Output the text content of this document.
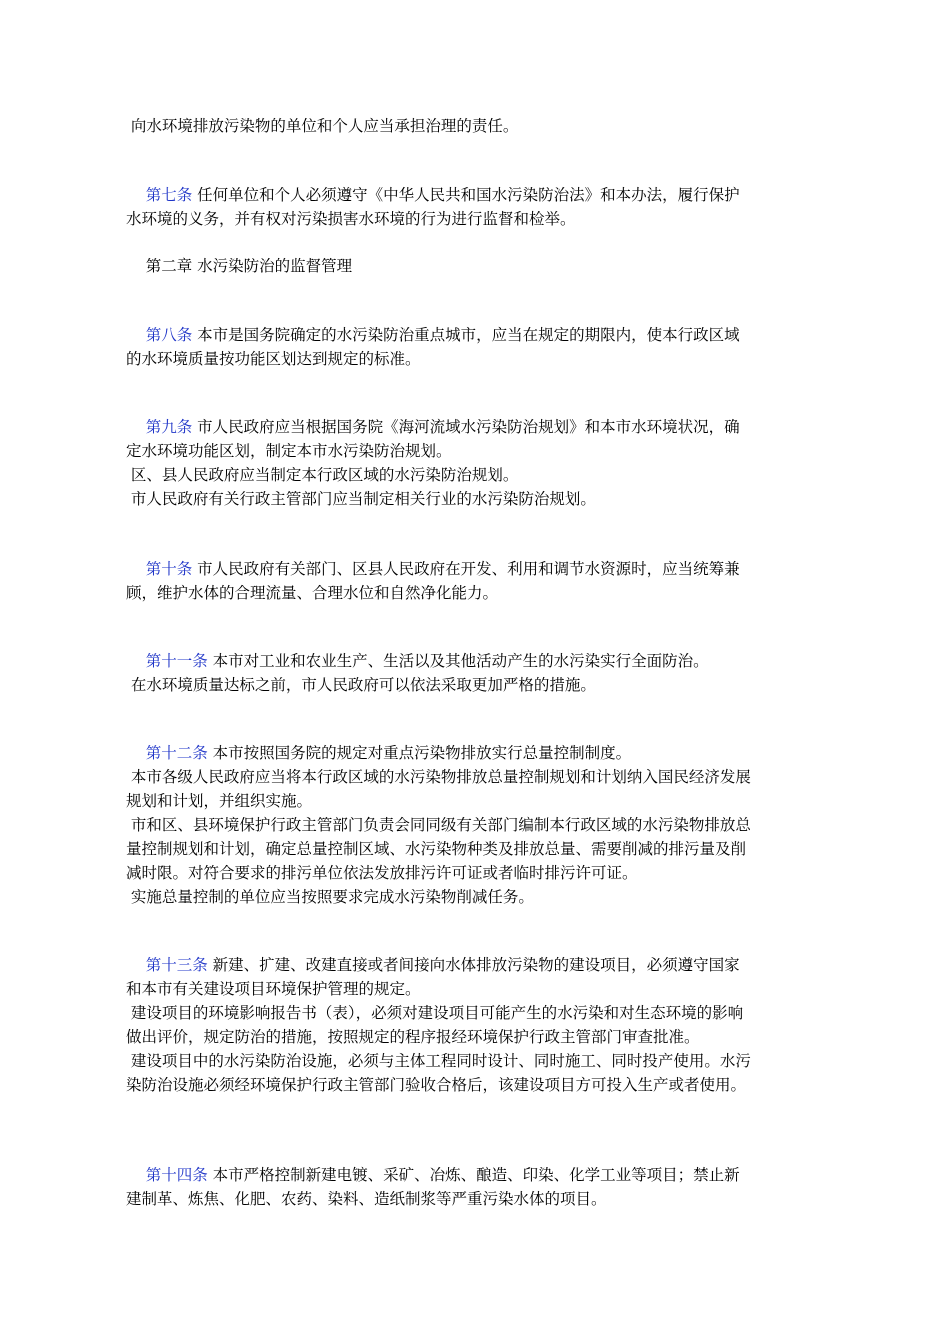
向水环境排放污染物的单位和个人应当承担治理的责任。

第七条 任何单位和个人必须遵守《中华人民共和国水污染防治法》和本办法，履行保护
水环境的义务，并有权对污染损害水环境的行为进行监督和检举。

第二章 水污染防治的监督管理

第八条 本市是国务院确定的水污染防治重点城市，应当在规定的期限内，使本行政区域
的水环境质量按功能区划达到规定的标准。

第九条 市人民政府应当根据国务院《海河流域水污染防治规划》和本市水环境状况，确
定水环境功能区划，制定本市水污染防治规划。
区、县人民政府应当制定本行政区域的水污染防治规划。
市人民政府有关行政主管部门应当制定相关行业的水污染防治规划。

第十条 市人民政府有关部门、区县人民政府在开发、利用和调节水资源时，应当统筹兼
顾，维护水体的合理流量、合理水位和自然净化能力。

第十一条 本市对工业和农业生产、生活以及其他活动产生的水污染实行全面防治。
在水环境质量达标之前，市人民政府可以依法采取更加严格的措施。

第十二条 本市按照国务院的规定对重点污染物排放实行总量控制制度。
本市各级人民政府应当将本行政区域的水污染物排放总量控制规划和计划纳入国民经济发展
规划和计划，并组织实施。
市和区、县环境保护行政主管部门负责会同同级有关部门编制本行政区域的水污染物排放总
量控制规划和计划，确定总量控制区域、水污染物种类及排放总量、需要削减的排污量及削
减时限。对符合要求的排污单位依法发放排污许可证或者临时排污许可证。
实施总量控制的单位应当按照要求完成水污染物削减任务。

第十三条 新建、扩建、改建直接或者间接向水体排放污染物的建设项目，必须遵守国家
和本市有关建设项目环境保护管理的规定。
建设项目的环境影响报告书（表），必须对建设项目可能产生的水污染和对生态环境的影响
做出评价，规定防治的措施，按照规定的程序报经环境保护行政主管部门审查批准。
建设项目中的水污染防治设施，必须与主体工程同时设计、同时施工、同时投产使用。水污
染防治设施必须经环境保护行政主管部门验收合格后，该建设项目方可投入生产或者使用。

第十四条 本市严格控制新建电镀、采矿、冶炼、酿造、印染、化学工业等项目；禁止新
建制革、炼焦、化肥、农药、染料、造纸制浆等严重污染水体的项目。
